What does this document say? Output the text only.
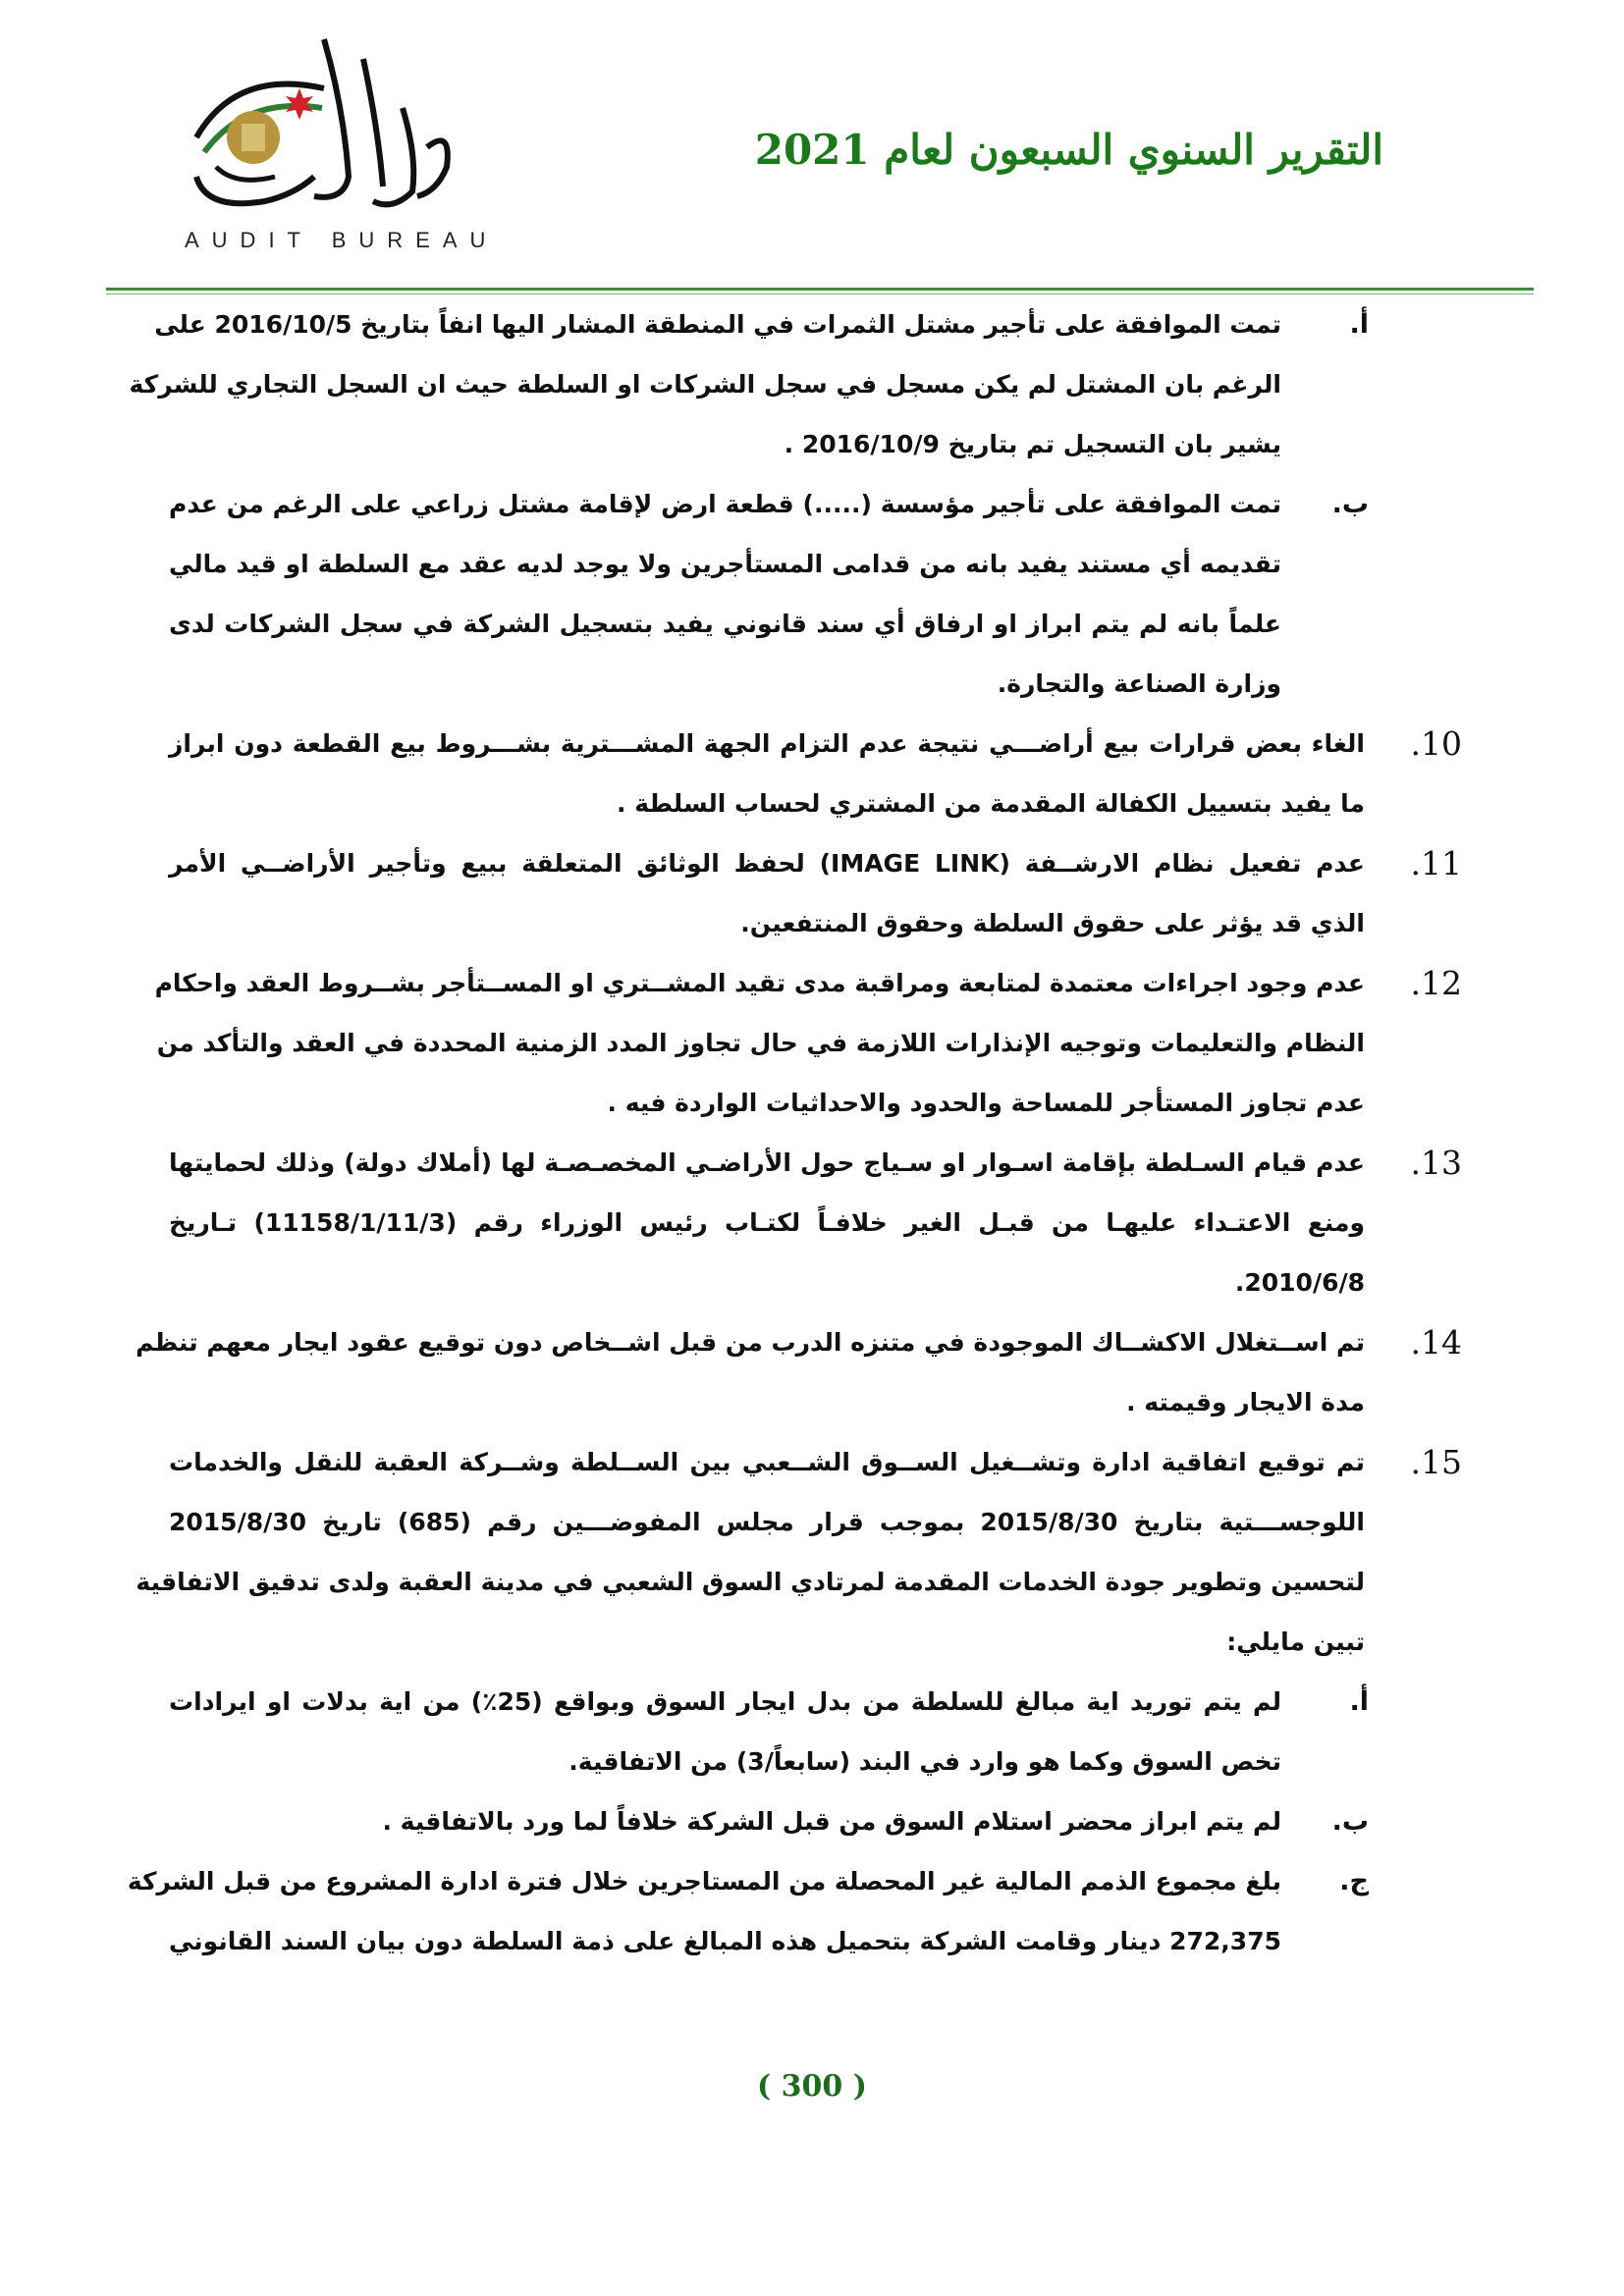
AUDIT BUREAU
التقرير السنوي السبعون لعام 2021
أ.
تمت الموافقة على تأجير مشتل الثمرات في المنطقة المشار اليها انفاً بتاريخ 2016/10/5 على
الرغم بان المشتل لم يكن مسجل في سجل الشركات او السلطة حيث ان السجل التجاري للشركة
يشير بان التسجيل تم بتاريخ 2016/10/9 .
ب.
تمت الموافقة على تأجير مؤسسة (.....) قطعة ارض لإقامة مشتل زراعي على الرغم من عدم
تقديمه أي مستند يفيد بانه من قدامى المستأجرين ولا يوجد لديه عقد مع السلطة او قيد مالي
علماً بانه لم يتم ابراز او ارفاق أي سند قانوني يفيد بتسجيل الشركة في سجل الشركات لدى
وزارة الصناعة والتجارة.
10.
الغاء بعض قرارات بيع أراضـــي نتيجة عدم التزام الجهة المشـــترية بشـــروط بيع القطعة دون ابراز
ما يفيد بتسييل الكفالة المقدمة من المشتري لحساب السلطة .
11.
عدم تفعيل نظام الارشــفة (IMAGE LINK) لحفظ الوثائق المتعلقة ببيع وتأجير الأراضــي الأمر
الذي قد يؤثر على حقوق السلطة وحقوق المنتفعين.
12.
عدم وجود اجراءات معتمدة لمتابعة ومراقبة مدى تقيد المشــتري او المســتأجر بشــروط العقد واحكام
النظام والتعليمات وتوجيه الإنذارات اللازمة في حال تجاوز المدد الزمنية المحددة في العقد والتأكد من
عدم تجاوز المستأجر للمساحة والحدود والاحداثيات الواردة فيه .
13.
عدم قيام السـلطة بإقامة اسـوار او سـياج حول الأراضـي المخصـصـة لها (أملاك دولة) وذلك لحمايتها
ومنع الاعتـداء عليهـا من قبـل الغير خلافـاً لكتـاب رئيس الوزراء رقم (11158/1/11/3) تـاريخ
2010/6/8.
14.
تم اســتغلال الاكشــاك الموجودة في متنزه الدرب من قبل اشــخاص دون توقيع عقود ايجار معهم تنظم
مدة الايجار وقيمته .
15.
تم توقيع اتفاقية ادارة وتشــغيل الســوق الشــعبي بين الســلطة وشــركة العقبة للنقل والخدمات
اللوجســـتية بتاريخ 2015/8/30 بموجب قرار مجلس المفوضـــين رقم (685) تاريخ 2015/8/30
لتحسين وتطوير جودة الخدمات المقدمة لمرتادي السوق الشعبي في مدينة العقبة ولدى تدقيق الاتفاقية
تبين مايلي:
أ.
لم يتم توريد اية مبالغ للسلطة من بدل ايجار السوق وبواقع (25٪) من اية بدلات او ايرادات
تخص السوق وكما هو وارد في البند (سابعاً/3) من الاتفاقية.
ب.
لم يتم ابراز محضر استلام السوق من قبل الشركة خلافاً لما ورد بالاتفاقية .
ج.
بلغ مجموع الذمم المالية غير المحصلة من المستاجرين خلال فترة ادارة المشروع من قبل الشركة
272,375 دينار وقامت الشركة بتحميل هذه المبالغ على ذمة السلطة دون بيان السند القانوني
( 300 )
